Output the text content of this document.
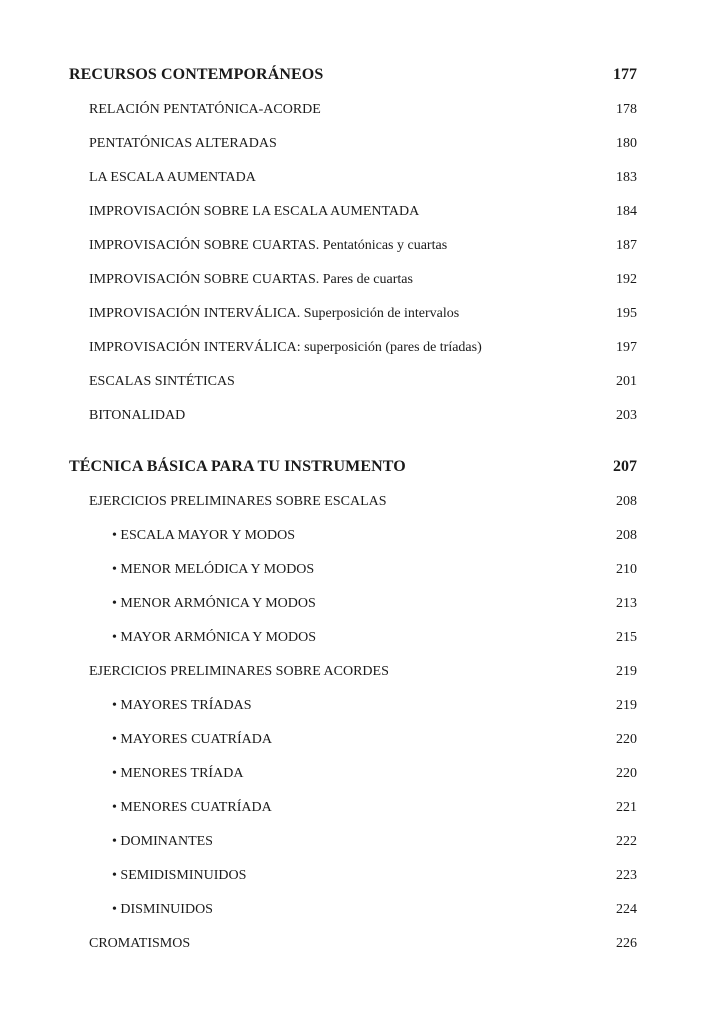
RECURSOS CONTEMPORÁNEOS	177
RELACIÓN PENTATÓNICA-ACORDE	178
PENTATÓNICAS ALTERADAS	180
LA ESCALA AUMENTADA	183
IMPROVISACIÓN SOBRE LA ESCALA AUMENTADA	184
IMPROVISACIÓN SOBRE CUARTAS. Pentatónicas y cuartas	187
IMPROVISACIÓN SOBRE CUARTAS. Pares de cuartas	192
IMPROVISACIÓN INTERVÁLICA. Superposición de intervalos	195
IMPROVISACIÓN INTERVÁLICA: superposición (pares de tríadas)	197
ESCALAS SINTÉTICAS	201
BITONALIDAD	203
TÉCNICA BÁSICA PARA TU INSTRUMENTO	207
EJERCICIOS PRELIMINARES SOBRE ESCALAS	208
• ESCALA MAYOR Y MODOS	208
• MENOR MELÓDICA Y MODOS	210
• MENOR ARMÓNICA Y MODOS	213
• MAYOR ARMÓNICA Y MODOS	215
EJERCICIOS PRELIMINARES SOBRE ACORDES	219
• MAYORES TRÍADAS	219
• MAYORES CUATRÍADA	220
• MENORES TRÍADA	220
• MENORES CUATRÍADA	221
• DOMINANTES	222
• SEMIDISMINUIDOS	223
• DISMINUIDOS	224
CROMATISMOS	226
